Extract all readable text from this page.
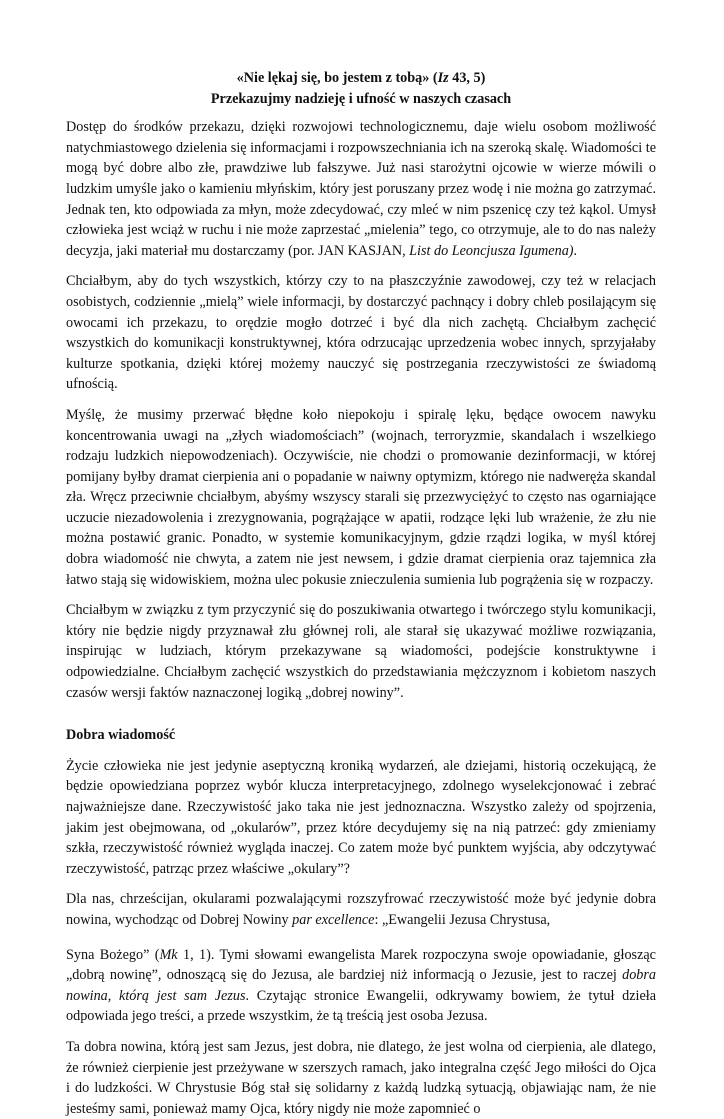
«Nie lękaj się, bo jestem z tobą» (Iz 43, 5)
Przekazujmy nadzieję i ufność w naszych czasach

Dostęp do środków przekazu, dzięki rozwojowi technologicznemu, daje wielu osobom możliwość natychmiastowego dzielenia się informacjami i rozpowszechniania ich na szeroką skalę. Wiadomości te mogą być dobre albo złe, prawdziwe lub fałszywe. Już nasi starożytni ojcowie w wierze mówili o ludzkim umyśle jako o kamieniu młyńskim, który jest poruszany przez wodę i nie można go zatrzymać. Jednak ten, kto odpowiada za młyn, może zdecydować, czy mleć w nim pszenicę czy też kąkol. Umysł człowieka jest wciąż w ruchu i nie może zaprzestać „mielenia” tego, co otrzymuje, ale to do nas należy decyzja, jaki materiał mu dostarczamy (por. JAN KASJAN, List do Leoncjusza Igumena).

Chciałbym, aby do tych wszystkich, którzy czy to na płaszczyźnie zawodowej, czy też w relacjach osobistych, codziennie „mielą” wiele informacji, by dostarczyć pachnący i dobry chleb posilającym się owocami ich przekazu, to orędzie mogło dotrzeć i być dla nich zachętą. Chciałbym zachęcić wszystkich do komunikacji konstruktywnej, która odrzucając uprzedzenia wobec innych, sprzyjałaby kulturze spotkania, dzięki której możemy nauczyć się postrzegania rzeczywistości ze świadomą ufnością.

Myślę, że musimy przerwać błędne koło niepokoju i spiralę lęku, będące owocem nawyku koncentrowania uwagi na „złych wiadomościach” (wojnach, terroryzmie, skandalach i wszelkiego rodzaju ludzkich niepowodzeniach). Oczywiście, nie chodzi o promowanie dezinformacji, w której pomijany byłby dramat cierpienia ani o popadanie w naiwny optymizm, którego nie nadweręża skandal zła. Wręcz przeciwnie chciałbym, abyśmy wszyscy starali się przezwyciężyć to często nas ogarniające uczucie niezadowolenia i zrezygnowania, pogrążające w apatii, rodzące lęki lub wrażenie, że złu nie można postawić granic. Ponadto, w systemie komunikacyjnym, gdzie rządzi logika, w myśl której dobra wiadomość nie chwyta, a zatem nie jest newsem, i gdzie dramat cierpienia oraz tajemnica zła łatwo stają się widowiskiem, można ulec pokusie znieczulenia sumienia lub pogrążenia się w rozpaczy.

Chciałbym w związku z tym przyczynić się do poszukiwania otwartego i twórczego stylu komunikacji, który nie będzie nigdy przyznawał złu głównej roli, ale starał się ukazywać możliwe rozwiązania, inspirując w ludziach, którym przekazywane są wiadomości, podejście konstruktywne i odpowiedzialne. Chciałbym zachęcić wszystkich do przedstawiania mężczyznom i kobietom naszych czasów wersji faktów naznaczonej logiką „dobrej nowiny”.

Dobra wiadomość

Życie człowieka nie jest jedynie aseptyczną kroniką wydarzeń, ale dziejami, historią oczekującą, że będzie opowiedziana poprzez wybór klucza interpretacyjnego, zdolnego wyselekcjonować i zebrać najważniejsze dane. Rzeczywistość jako taka nie jest jednoznaczna. Wszystko zależy od spojrzenia, jakim jest obejmowana, od „okularów”, przez które decydujemy się na nią patrzeć: gdy zmieniamy szkła, rzeczywistość również wygląda inaczej. Co zatem może być punktem wyjścia, aby odczytywać rzeczywistość, patrząc przez właściwe „okulary”?

Dla nas, chrześcijan, okularami pozwalającymi rozszyfrować rzeczywistość może być jedynie dobra nowina, wychodząc od Dobrej Nowiny par excellence: „Ewangelii Jezusa Chrystusa,

Syna Bożego” (Mk 1, 1). Tymi słowami ewangelista Marek rozpoczyna swoje opowiadanie, głosząc „dobrą nowinę”, odnoszącą się do Jezusa, ale bardziej niż informacją o Jezusie, jest to raczej dobra nowina, którą jest sam Jezus. Czytając stronice Ewangelii, odkrywamy bowiem, że tytuł dzieła odpowiada jego treści, a przede wszystkim, że tą treścią jest osoba Jezusa.

Ta dobra nowina, którą jest sam Jezus, jest dobra, nie dlatego, że jest wolna od cierpienia, ale dlatego, że również cierpienie jest przeżywane w szerszych ramach, jako integralna część Jego miłości do Ojca i do ludzkości. W Chrystusie Bóg stał się solidarny z każdą ludzką sytuacją, objawiając nam, że nie jesteśmy sami, ponieważ mamy Ojca, który nigdy nie może zapomnieć o
